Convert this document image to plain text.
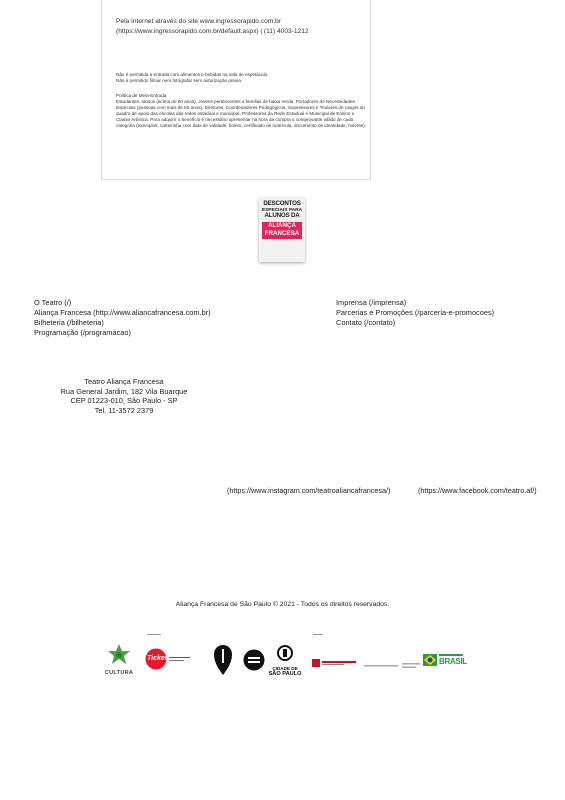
Pela Internet através do site www.ingressorapido.com.br

(https://www.ingressorapido.com.br/default.aspx) | (11) 4003-1212

Não é permitida a entrada com alimentos e bebidas na sala de espetáculo.

Não é permitido filmar nem fotografar sem autorização prévia.

Política de Meia-Entrada

Estudantes, Idosos (acima de 60 anos), Jovens pertencentes a famílias de baixa renda, Portadores de Necessidades Especiais (pessoas com mais de 60 anos), Diretores, Coordenadores Pedagógicos, Supervisores e Titulares de cargos do quadro de apoio das escolas das redes estadual e municipal, Professores da Rede Estadual e Municipal de Ensino e Classe Artística. Para adquirir o benefício é necessário apresentar na hora da compra o comprovante válido de cada categoria (exemplos: carteirinha com data de validade, boleto, certificado de matrícula, documento de identidade, holerite).

DESCONTOS
ESPECIAIS PARA
ALUNOS DA
ALIANÇA
FRANCESA
O Teatro (/)
Aliança Francesa (http://www.aliancafrancesa.com.br)
Bilheteria (/bilheteria)
Programação (/programacao)
Imprensa (/imprensa)
Parcerias e Promoções (/parceria-e-promocoes)
Contato (/contato)
Teatro Aliança Francesa
Rua General Jardim, 182 Vila Buarque
CEP 01223-010, São Paulo - SP
Tel. 11-3572 2379
(https://www.instagram.com/teatroaliancafrancesa/)	(https://www.facebook.com/teatro.af/)
Aliança Francesa de São Paulo © 2021 - Todos os direitos reservados.
CULTURA
Ticket
CIDADE DE
SÃO PAULO
BRASIL
